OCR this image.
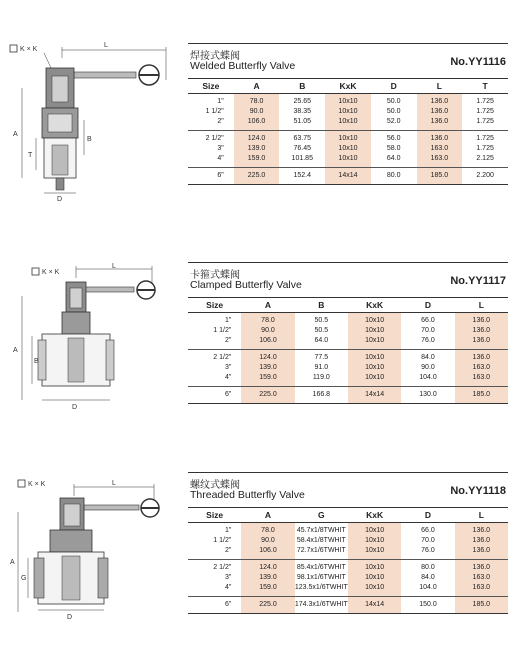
K × K
L
A
T
B
D
焊接式蝶阀
Welded Butterfly Valve	No.YY1116
Size	A	B	KxK	D	L	T
1"	78.0	25.65	10x10	50.0	136.0	1.725
1 1/2"	90.0	38.35	10x10	50.0	136.0	1.725
2"	106.0	51.05	10x10	52.0	136.0	1.725
2 1/2"	124.0	63.75	10x10	56.0	136.0	1.725
3"	139.0	76.45	10x10	58.0	163.0	1.725
4"	159.0	101.85	10x10	64.0	163.0	2.125
6"	225.0	152.4	14x14	80.0	185.0	2.200
K × K
L
A
B
D
卡箍式蝶阀
Clamped Butterfly Valve	No.YY1117
Size	A	B	KxK	D	L
1"	78.0	50.5	10x10	66.0	136.0
1 1/2"	90.0	50.5	10x10	70.0	136.0
2"	106.0	64.0	10x10	76.0	136.0
2 1/2"	124.0	77.5	10x10	84.0	136.0
3"	139.0	91.0	10x10	90.0	163.0
4"	159.0	119.0	10x10	104.0	163.0
6"	225.0	166.8	14x14	130.0	185.0
K × K	L
A
G
D
螺纹式蝶阀
Threaded Butterfly Valve	No.YY1118
Size	A	G	KxK	D	L
1"	78.0	45.7x1/8TWHIT	10x10	66.0	136.0
1 1/2"	90.0	58.4x1/8TWHIT	10x10	70.0	136.0
2"	106.0	72.7x1/6TWHIT	10x10	76.0	136.0
2 1/2"	124.0	85.4x1/6TWHIT	10x10	80.0	136.0
3"	139.0	98.1x1/6TWHIT	10x10	84.0	163.0
4"	159.0	123.5x1/6TWHIT	10x10	104.0	163.0
6"	225.0	174.3x1/6TWHIT	14x14	150.0	185.0
